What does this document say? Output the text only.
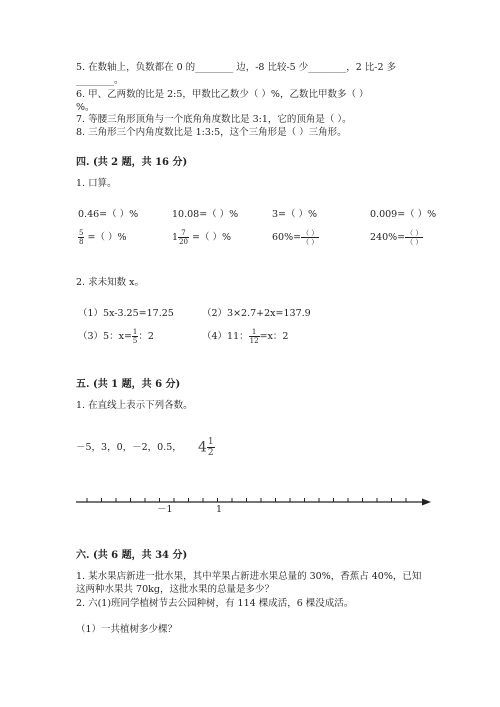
5. 在数轴上，负数都在 0 的________ 边，-8 比较-5 少________，2 比-2 多
________。
6. 甲、乙两数的比是 2:5，甲数比乙数少（ ）%，乙数比甲数多（ ）
%。
7. 等腰三角形顶角与一个底角角度数比是 3:1，它的顶角是（ ）。
8. 三角形三个内角度数比是 1:3:5，这个三角形是（ ）三角形。
四. (共 2 题，共 16 分)
1. 口算。
0.46=（ ）%	10.08=（ ）%	3=（ ）%	0.009=（ ）%
$\frac{5}{8}$ =（ ）%	$1 \frac{7}{20}$ =（ ）%	$60\%= \frac{( )}{( )}$	$240\%= \frac{( )}{( )}$
2. 求未知数 x。
（1）5x-3.25=17.25	（2）3×2.7+2x=137.9
（3）5：$x= \frac{1}{5}$ ：2	（4）11： $\frac{1}{12} =x$：2
五. (共 1 题，共 6 分)
1. 在直线上表示下列各数。
－5，3，0，－2，0.5， $4 \frac{1}{2}$
－1	1
六. (共 6 题，共 34 分)
1. 某水果店新进一批水果，其中苹果占新进水果总量的 30%，香蕉占 40%，已知
这两种水果共 70kg，这批水果的总量是多少？
2. 六(1)班同学植树节去公园种树，有 114 棵成活，6 棵没成活。
（1）一共植树多少棵？
